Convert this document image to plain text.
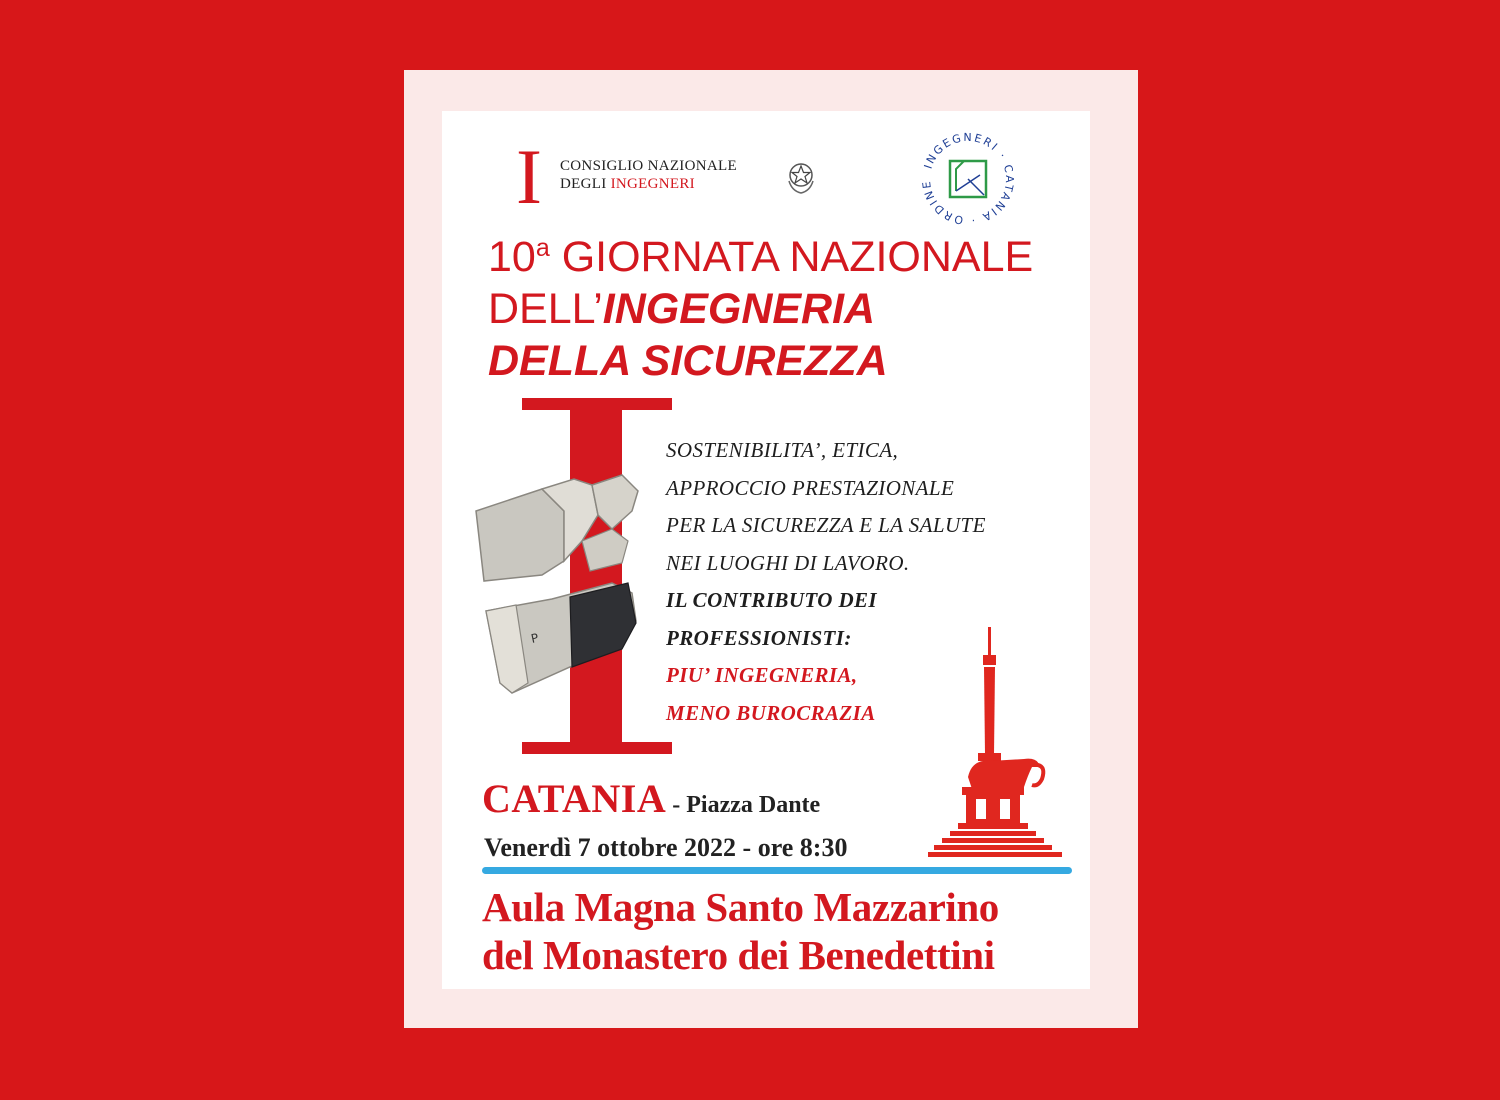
I CONSIGLIO NAZIONALE
DEGLI INGEGNERI
INGEGNERI · CATANIA · ORDINE
10$^a$ GIORNATA NAZIONALE
DELL’INGEGNERIA
DELLA SICUREZZA
P
SOSTENIBILITA’, ETICA,
APPROCCIO PRESTAZIONALE
PER LA SICUREZZA E LA SALUTE
NEI LUOGHI DI LAVORO.
IL CONTRIBUTO DEI
PROFESSIONISTI:
PIU’ INGEGNERIA,
MENO BUROCRAZIA
CATANIA - Piazza Dante
Venerdì 7 ottobre 2022 - ore 8:30
Aula Magna Santo Mazzarino
del Monastero dei Benedettini
